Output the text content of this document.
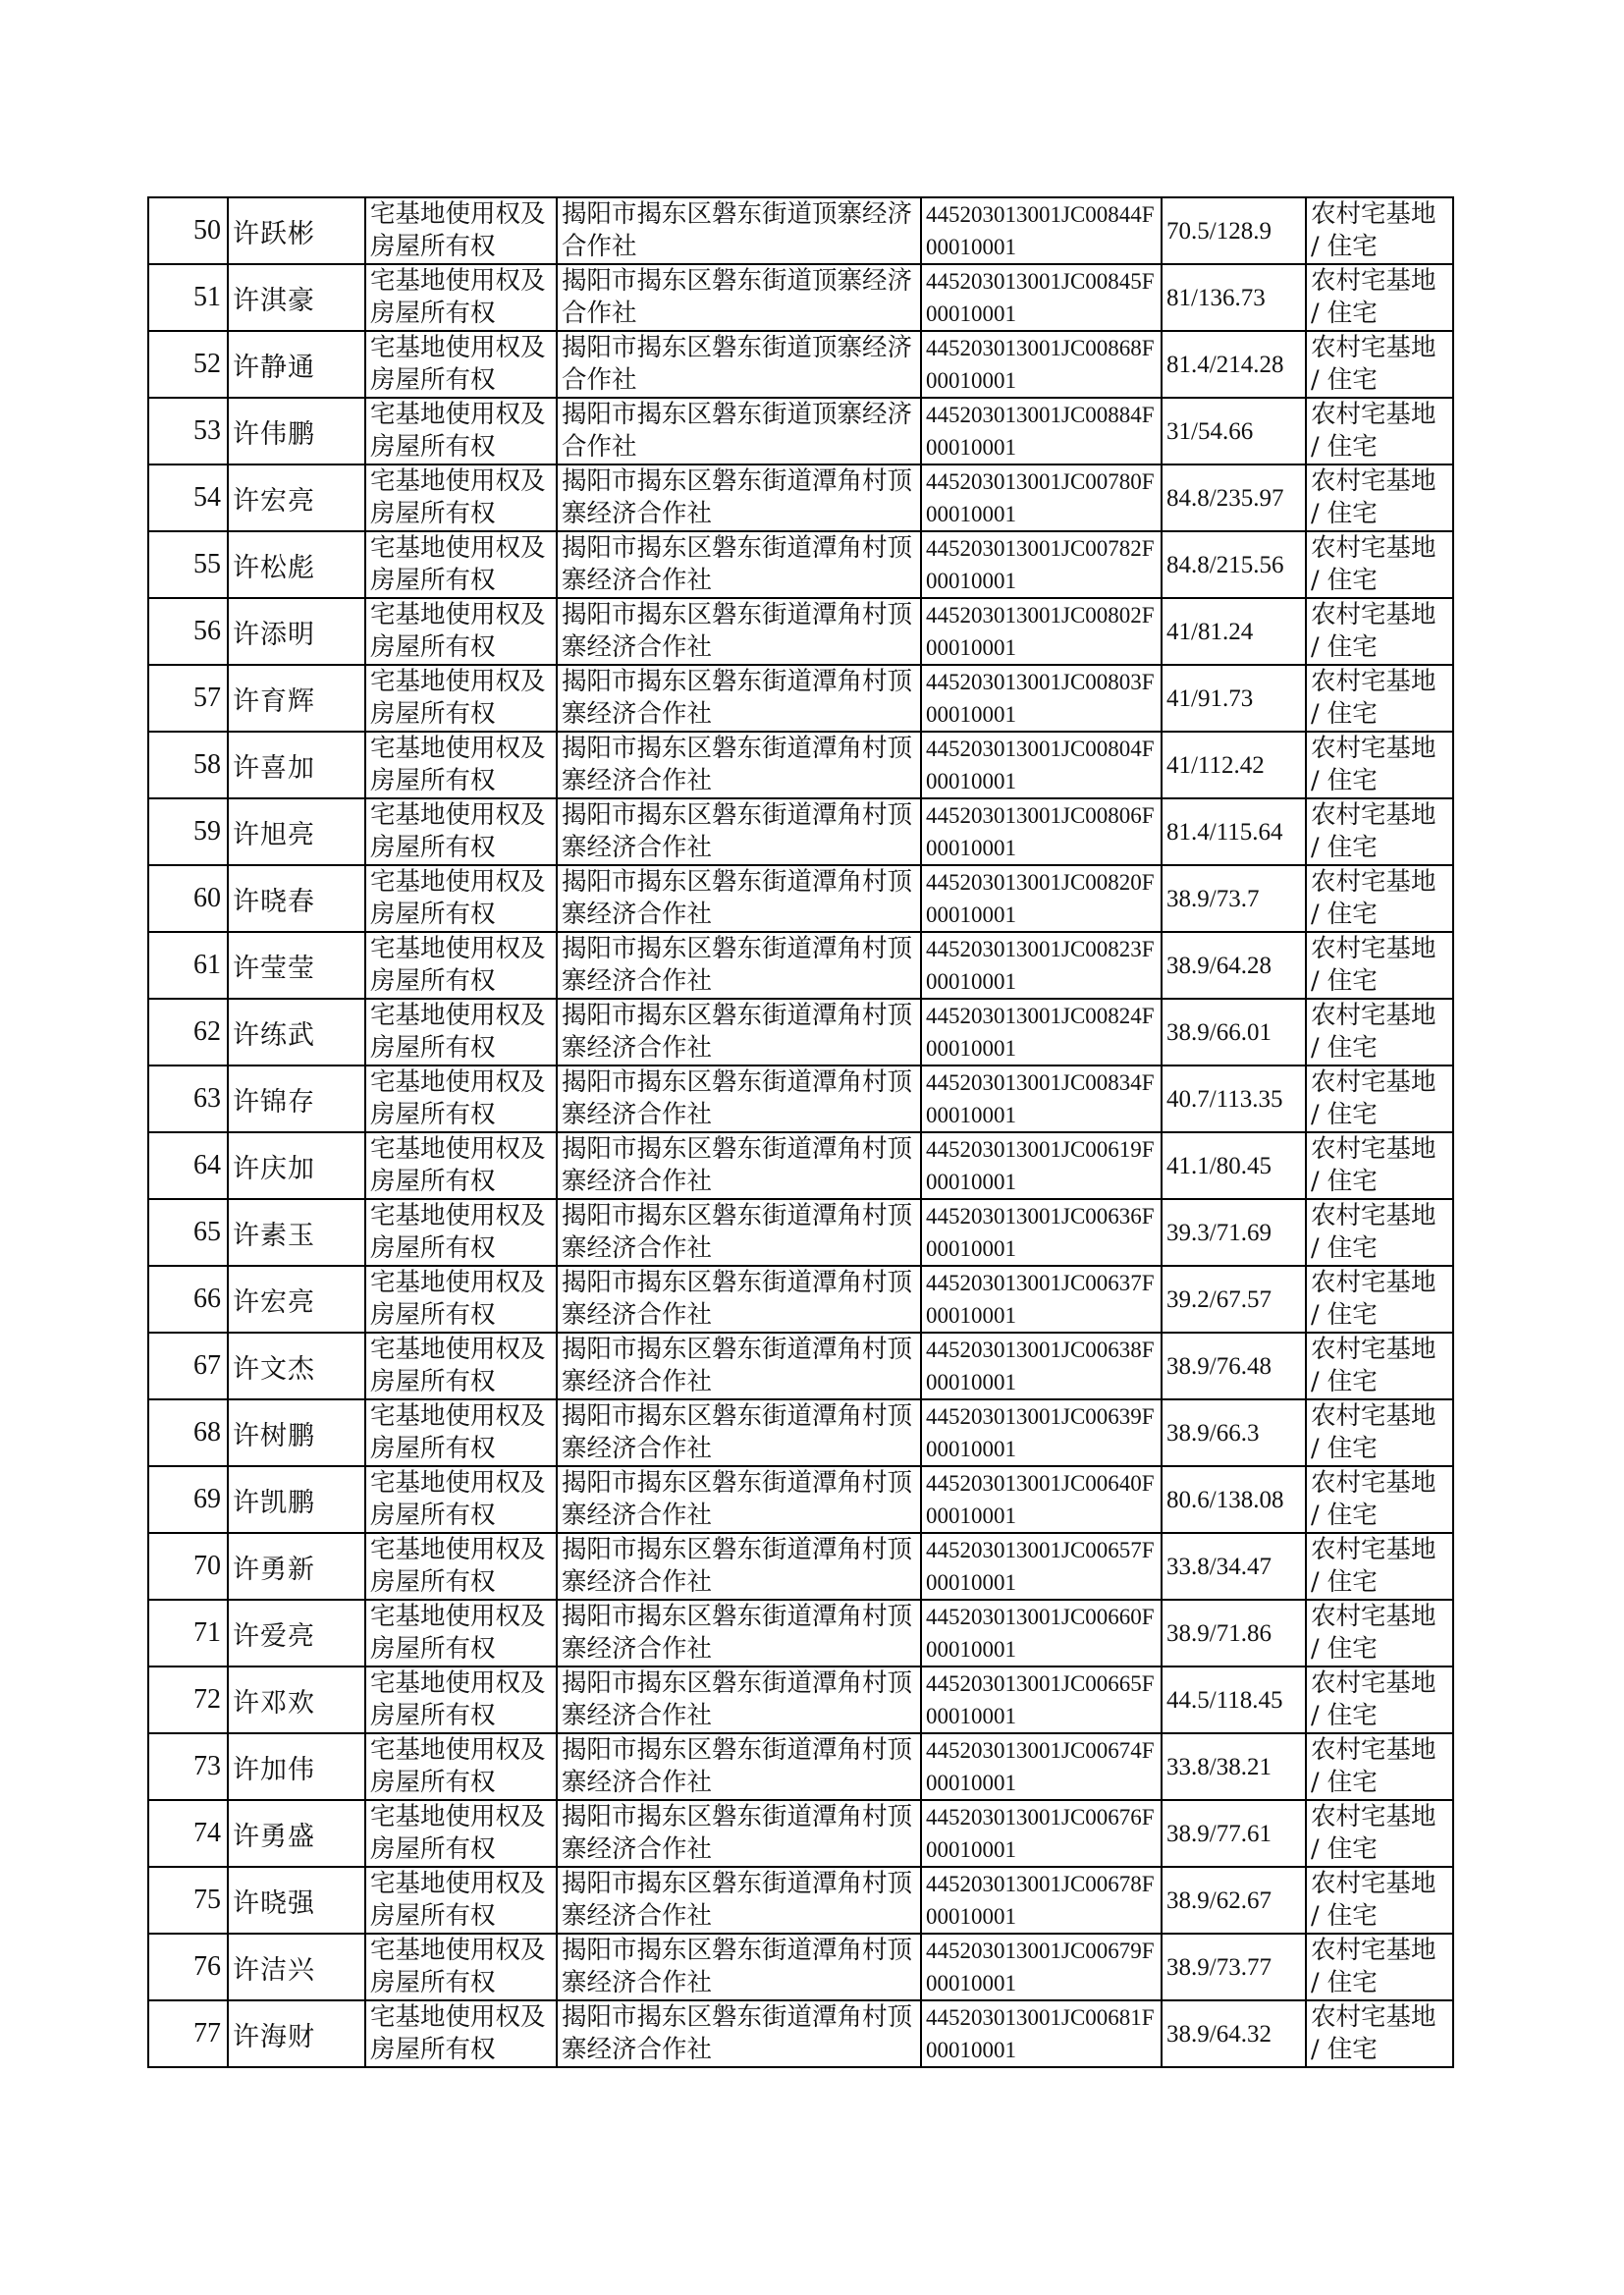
50	许跃彬	宅基地使用权及房屋所有权	揭阳市揭东区磐东街道顶寨经济合作社	445203013001JC00844F00010001	70.5/128.9	农村宅基地 / 住宅
51	许淇豪	宅基地使用权及房屋所有权	揭阳市揭东区磐东街道顶寨经济合作社	445203013001JC00845F00010001	81/136.73	农村宅基地 / 住宅
52	许静通	宅基地使用权及房屋所有权	揭阳市揭东区磐东街道顶寨经济合作社	445203013001JC00868F00010001	81.4/214.28	农村宅基地 / 住宅
53	许伟鹏	宅基地使用权及房屋所有权	揭阳市揭东区磐东街道顶寨经济合作社	445203013001JC00884F00010001	31/54.66	农村宅基地 / 住宅
54	许宏亮	宅基地使用权及房屋所有权	揭阳市揭东区磐东街道潭角村顶寨经济合作社	445203013001JC00780F00010001	84.8/235.97	农村宅基地 / 住宅
55	许松彪	宅基地使用权及房屋所有权	揭阳市揭东区磐东街道潭角村顶寨经济合作社	445203013001JC00782F00010001	84.8/215.56	农村宅基地 / 住宅
56	许添明	宅基地使用权及房屋所有权	揭阳市揭东区磐东街道潭角村顶寨经济合作社	445203013001JC00802F00010001	41/81.24	农村宅基地 / 住宅
57	许育辉	宅基地使用权及房屋所有权	揭阳市揭东区磐东街道潭角村顶寨经济合作社	445203013001JC00803F00010001	41/91.73	农村宅基地 / 住宅
58	许喜加	宅基地使用权及房屋所有权	揭阳市揭东区磐东街道潭角村顶寨经济合作社	445203013001JC00804F00010001	41/112.42	农村宅基地 / 住宅
59	许旭亮	宅基地使用权及房屋所有权	揭阳市揭东区磐东街道潭角村顶寨经济合作社	445203013001JC00806F00010001	81.4/115.64	农村宅基地 / 住宅
60	许晓春	宅基地使用权及房屋所有权	揭阳市揭东区磐东街道潭角村顶寨经济合作社	445203013001JC00820F00010001	38.9/73.7	农村宅基地 / 住宅
61	许莹莹	宅基地使用权及房屋所有权	揭阳市揭东区磐东街道潭角村顶寨经济合作社	445203013001JC00823F00010001	38.9/64.28	农村宅基地 / 住宅
62	许练武	宅基地使用权及房屋所有权	揭阳市揭东区磐东街道潭角村顶寨经济合作社	445203013001JC00824F00010001	38.9/66.01	农村宅基地 / 住宅
63	许锦存	宅基地使用权及房屋所有权	揭阳市揭东区磐东街道潭角村顶寨经济合作社	445203013001JC00834F00010001	40.7/113.35	农村宅基地 / 住宅
64	许庆加	宅基地使用权及房屋所有权	揭阳市揭东区磐东街道潭角村顶寨经济合作社	445203013001JC00619F00010001	41.1/80.45	农村宅基地 / 住宅
65	许素玉	宅基地使用权及房屋所有权	揭阳市揭东区磐东街道潭角村顶寨经济合作社	445203013001JC00636F00010001	39.3/71.69	农村宅基地 / 住宅
66	许宏亮	宅基地使用权及房屋所有权	揭阳市揭东区磐东街道潭角村顶寨经济合作社	445203013001JC00637F00010001	39.2/67.57	农村宅基地 / 住宅
67	许文杰	宅基地使用权及房屋所有权	揭阳市揭东区磐东街道潭角村顶寨经济合作社	445203013001JC00638F00010001	38.9/76.48	农村宅基地 / 住宅
68	许树鹏	宅基地使用权及房屋所有权	揭阳市揭东区磐东街道潭角村顶寨经济合作社	445203013001JC00639F00010001	38.9/66.3	农村宅基地 / 住宅
69	许凯鹏	宅基地使用权及房屋所有权	揭阳市揭东区磐东街道潭角村顶寨经济合作社	445203013001JC00640F00010001	80.6/138.08	农村宅基地 / 住宅
70	许勇新	宅基地使用权及房屋所有权	揭阳市揭东区磐东街道潭角村顶寨经济合作社	445203013001JC00657F00010001	33.8/34.47	农村宅基地 / 住宅
71	许爱亮	宅基地使用权及房屋所有权	揭阳市揭东区磐东街道潭角村顶寨经济合作社	445203013001JC00660F00010001	38.9/71.86	农村宅基地 / 住宅
72	许邓欢	宅基地使用权及房屋所有权	揭阳市揭东区磐东街道潭角村顶寨经济合作社	445203013001JC00665F00010001	44.5/118.45	农村宅基地 / 住宅
73	许加伟	宅基地使用权及房屋所有权	揭阳市揭东区磐东街道潭角村顶寨经济合作社	445203013001JC00674F00010001	33.8/38.21	农村宅基地 / 住宅
74	许勇盛	宅基地使用权及房屋所有权	揭阳市揭东区磐东街道潭角村顶寨经济合作社	445203013001JC00676F00010001	38.9/77.61	农村宅基地 / 住宅
75	许晓强	宅基地使用权及房屋所有权	揭阳市揭东区磐东街道潭角村顶寨经济合作社	445203013001JC00678F00010001	38.9/62.67	农村宅基地 / 住宅
76	许洁兴	宅基地使用权及房屋所有权	揭阳市揭东区磐东街道潭角村顶寨经济合作社	445203013001JC00679F00010001	38.9/73.77	农村宅基地 / 住宅
77	许海财	宅基地使用权及房屋所有权	揭阳市揭东区磐东街道潭角村顶寨经济合作社	445203013001JC00681F00010001	38.9/64.32	农村宅基地 / 住宅
